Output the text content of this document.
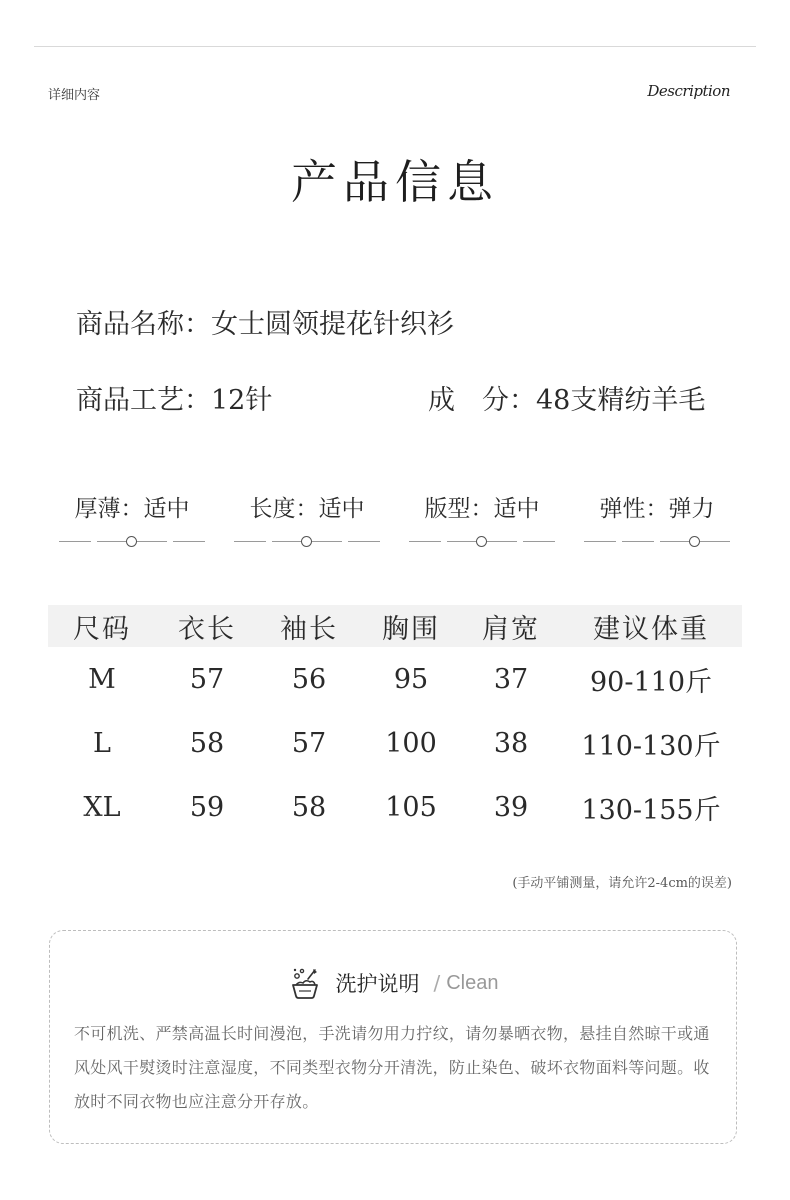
详细内容	Description
产品信息
商品名称：女士圆领提花针织衫
商品工艺：12针	成　分：48支精纺羊毛
厚薄：适中	长度：适中	版型：适中	弹性：弹力
尺码	衣长	袖长	胸围	肩宽	建议体重
M	57	56	95	37	90-110斤
L	58	57	100	38	110-130斤
XL	59	58	105	39	130-155斤
(手动平铺测量，请允许2-4cm的误差)
洗护说明 / Clean
不可机洗、严禁高温长时间漫泡，手洗请勿用力拧纹，请勿暴晒衣物，悬挂自然晾干或通风处风干熨烫时注意湿度，不同类型衣物分开清洗，防止染色、破坏衣物面料等问题。收放时不同衣物也应注意分开存放。
